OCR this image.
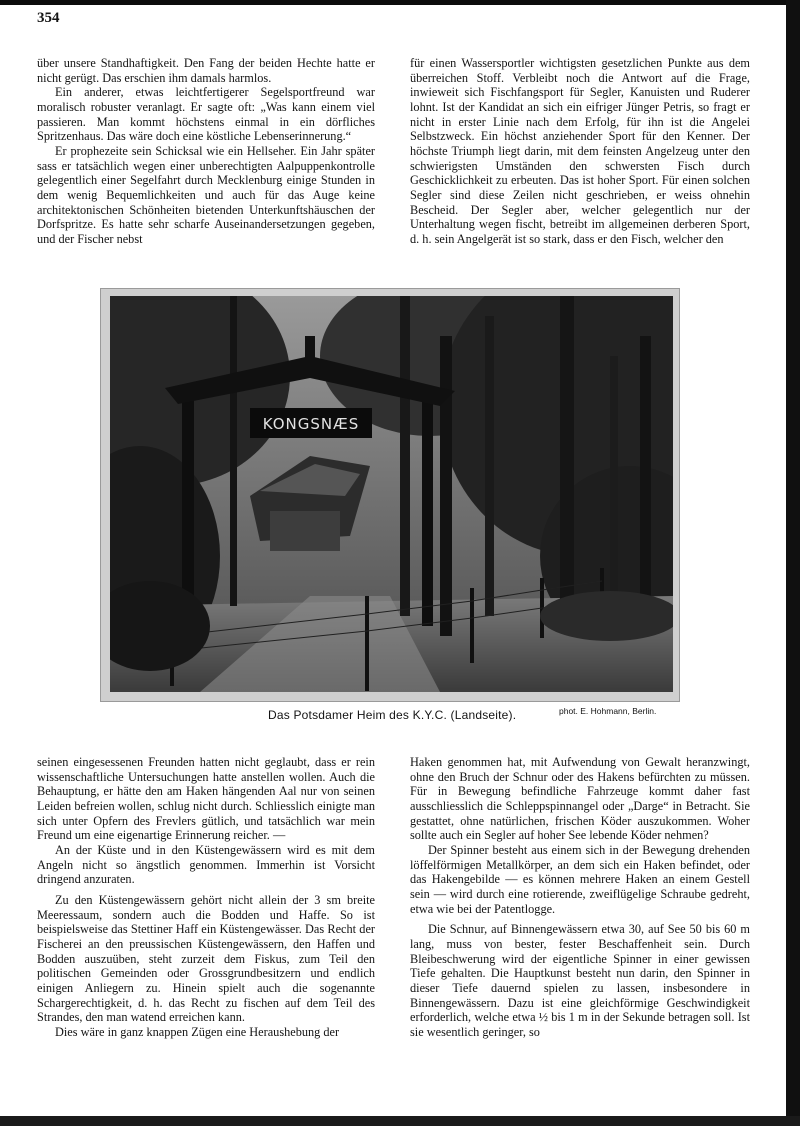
354

über unsere Standhaftigkeit. Den Fang der beiden Hechte hatte er nicht gerügt. Das erschien ihm damals harmlos.

Ein anderer, etwas leichtfertigerer Segelsportfreund war moralisch robuster veranlagt. Er sagte oft: „Was kann einem viel passieren. Man kommt höchstens einmal in ein dörfliches Spritzenhaus. Das wäre doch eine köstliche Lebenserinnerung.“

Er prophezeite sein Schicksal wie ein Hellseher. Ein Jahr später sass er tatsächlich wegen einer unberechtigten Aalpuppenkontrolle gelegentlich einer Segelfahrt durch Mecklenburg einige Stunden in dem wenig Bequemlichkeiten und auch für das Auge keine architektonischen Schönheiten bietenden Unterkunftshäuschen der Dorfspritze. Es hatte sehr scharfe Auseinandersetzungen gegeben, und der Fischer nebst

für einen Wassersportler wichtigsten gesetzlichen Punkte aus dem überreichen Stoff. Verbleibt noch die Antwort auf die Frage, inwieweit sich Fischfangsport für Segler, Kanuisten und Ruderer lohnt. Ist der Kandidat an sich ein eifriger Jünger Petris, so fragt er nicht in erster Linie nach dem Erfolg, für ihn ist die Angelei Selbstzweck. Ein höchst anziehender Sport für den Kenner. Der höchste Triumph liegt darin, mit dem feinsten Angelzeug unter den schwierigsten Umständen den schwersten Fisch durch Geschicklichkeit zu erbeuten. Das ist hoher Sport. Für einen solchen Segler sind diese Zeilen nicht geschrieben, er weiss ohnehin Bescheid. Der Segler aber, welcher gelegentlich nur der Unterhaltung wegen fischt, betreibt im allgemeinen derberen Sport, d. h. sein Angelgerät ist so stark, dass er den Fisch, welcher den

KONGSNÆS
Das Potsdamer Heim des K.Y.C. (Landseite).	phot. E. Hohmann, Berlin.

seinen eingesessenen Freunden hatten nicht geglaubt, dass er rein wissenschaftliche Untersuchungen hatte anstellen wollen. Auch die Behauptung, er hätte den am Haken hängenden Aal nur von seinen Leiden befreien wollen, schlug nicht durch. Schliesslich einigte man sich unter Opfern des Frevlers gütlich, und tatsächlich war mein Freund um eine eigenartige Erinnerung reicher. —

An der Küste und in den Küstengewässern wird es mit dem Angeln nicht so ängstlich genommen. Immerhin ist Vorsicht dringend anzuraten.

Zu den Küstengewässern gehört nicht allein der 3 sm breite Meeressaum, sondern auch die Bodden und Haffe. So ist beispielsweise das Stettiner Haff ein Küstengewässer. Das Recht der Fischerei an den preussischen Küstengewässern, den Haffen und Bodden auszuüben, steht zurzeit dem Fiskus, zum Teil den politischen Gemeinden oder Grossgrundbesitzern und endlich einigen Anliegern zu. Hinein spielt auch die sogenannte Schargerechtigkeit, d. h. das Recht zu fischen auf dem Teil des Strandes, den man watend erreichen kann.

Dies wäre in ganz knappen Zügen eine Heraushebung der

Haken genommen hat, mit Aufwendung von Gewalt heranzwingt, ohne den Bruch der Schnur oder des Hakens befürchten zu müssen. Für in Bewegung befindliche Fahrzeuge kommt daher fast ausschliesslich die Schleppspinnangel oder „Darge“ in Betracht. Sie gestattet, ohne natürlichen, frischen Köder auszukommen. Woher sollte auch ein Segler auf hoher See lebende Köder nehmen?

Der Spinner besteht aus einem sich in der Bewegung drehenden löffelförmigen Metallkörper, an dem sich ein Haken befindet, oder das Hakengebilde — es können mehrere Haken an einem Gestell sein — wird durch eine rotierende, zweiflügelige Schraube gedreht, etwa wie bei der Patentlogge.

Die Schnur, auf Binnengewässern etwa 30, auf See 50 bis 60 m lang, muss von bester, fester Beschaffenheit sein. Durch Bleibeschwerung wird der eigentliche Spinner in einer gewissen Tiefe gehalten. Die Hauptkunst besteht nun darin, den Spinner in dieser Tiefe dauernd spielen zu lassen, insbesondere in Binnengewässern. Dazu ist eine gleichförmige Geschwindigkeit erforderlich, welche etwa ½ bis 1 m in der Sekunde betragen soll. Ist sie wesentlich geringer, so
